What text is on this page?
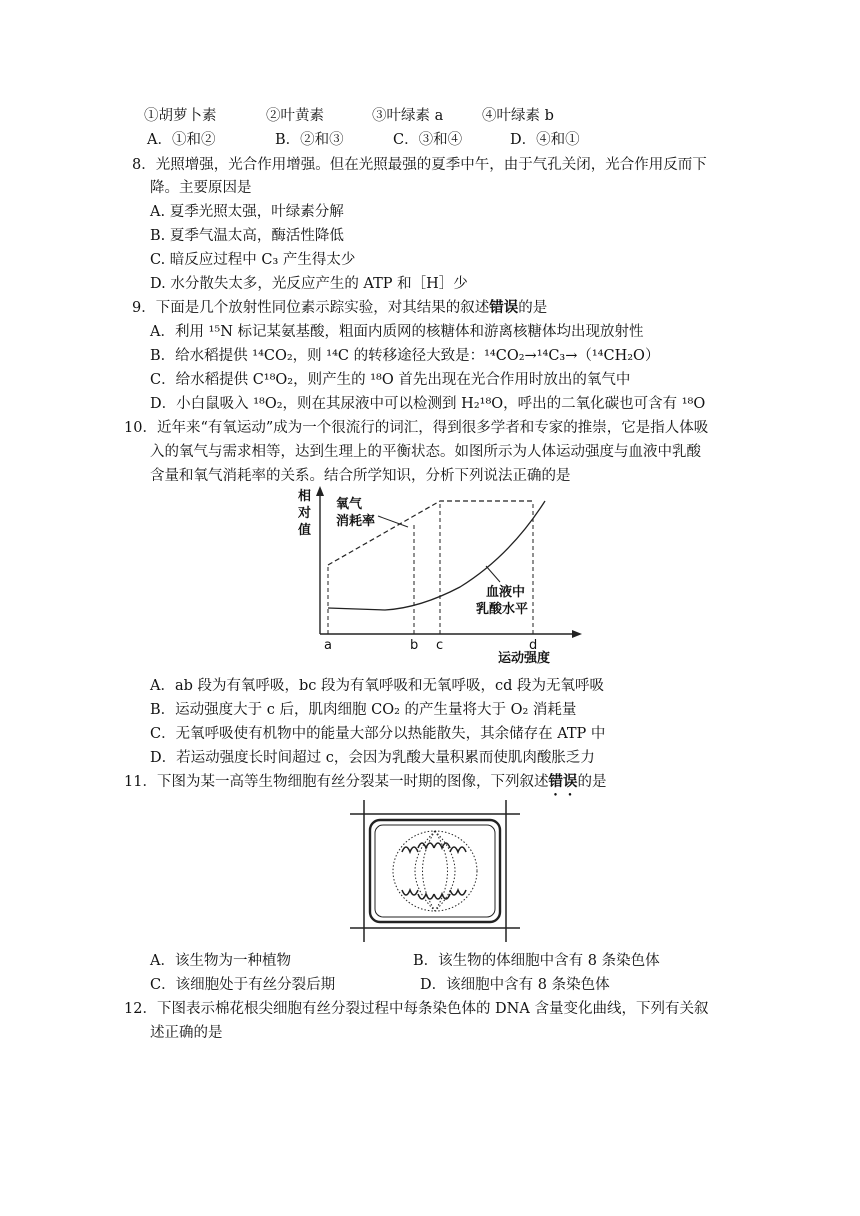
①胡萝卜素	②叶黄素	③叶绿素 a	④叶绿素 b
A．①和②	B．②和③	C．③和④	D．④和①
8．光照增强，光合作用增强。但在光照最强的夏季中午，由于气孔关闭，光合作用反而下
降。主要原因是
A. 夏季光照太强，叶绿素分解
B. 夏季气温太高，酶活性降低
C. 暗反应过程中 C₃ 产生得太少
D. 水分散失太多，光反应产生的 ATP 和［H］少
9．下面是几个放射性同位素示踪实验，对其结果的叙述错误的是
A．利用 ¹⁵N 标记某氨基酸，粗面内质网的核糖体和游离核糖体均出现放射性
B．给水稻提供 ¹⁴CO₂，则 ¹⁴C 的转移途径大致是：¹⁴CO₂→¹⁴C₃→（¹⁴CH₂O）
C．给水稻提供 C¹⁸O₂，则产生的 ¹⁸O 首先出现在光合作用时放出的氧气中
D．小白鼠吸入 ¹⁸O₂，则在其尿液中可以检测到 H₂¹⁸O，呼出的二氧化碳也可含有 ¹⁸O
10．近年来“有氧运动”成为一个很流行的词汇，得到很多学者和专家的推崇，它是指人体吸
入的氧气与需求相等，达到生理上的平衡状态。如图所示为人体运动强度与血液中乳酸
含量和氧气消耗率的关系。结合所学知识，分析下列说法正确的是
相
对
值
氧气
消耗率
血液中
乳酸水平
a	b c	d
运动强度
A．ab 段为有氧呼吸，bc 段为有氧呼吸和无氧呼吸，cd 段为无氧呼吸
B．运动强度大于 c 后，肌肉细胞 CO₂ 的产生量将大于 O₂ 消耗量
C．无氧呼吸使有机物中的能量大部分以热能散失，其余储存在 ATP 中
D．若运动强度长时间超过 c，会因为乳酸大量积累而使肌肉酸胀乏力
11．下图为某一高等生物细胞有丝分裂某一时期的图像，下列叙述错误的是
A．该生物为一种植物	B．该生物的体细胞中含有 8 条染色体
C．该细胞处于有丝分裂后期	D．该细胞中含有 8 条染色体
12．下图表示棉花根尖细胞有丝分裂过程中每条染色体的 DNA 含量变化曲线，下列有关叙
述正确的是
